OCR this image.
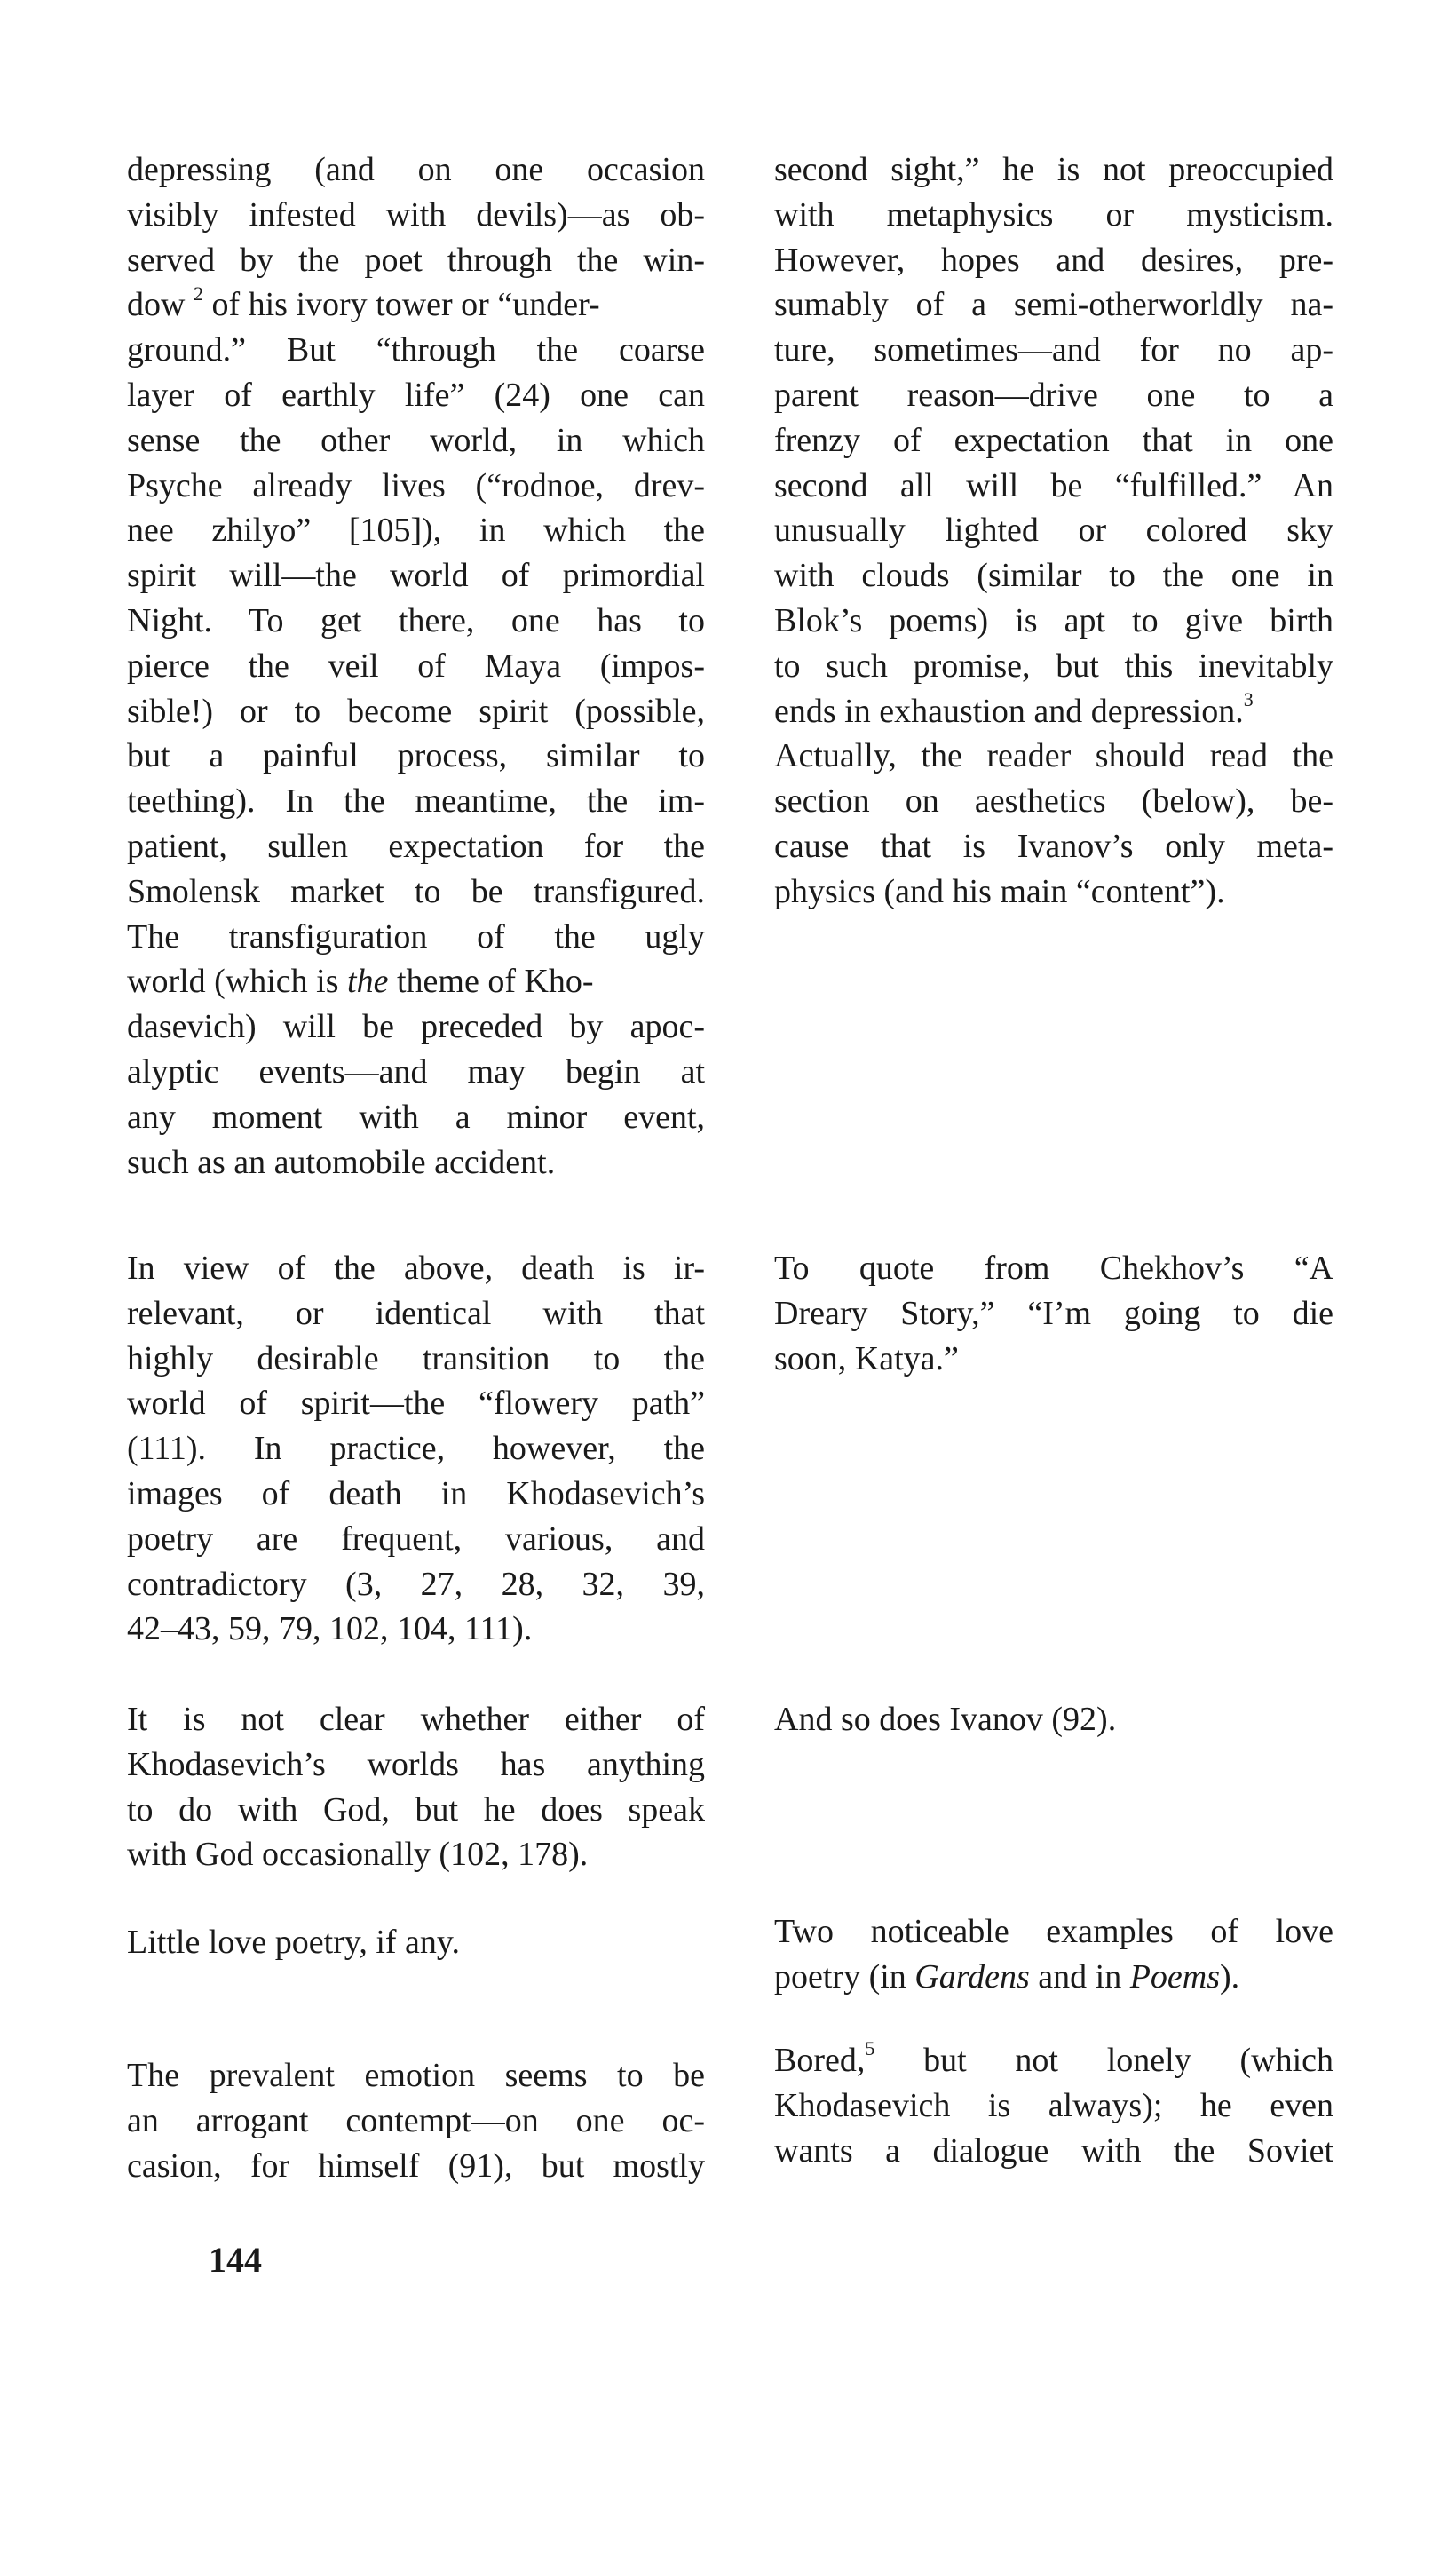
depressing (and on one occasion
visibly infested with devils)—as ob-
served by the poet through the win-
dow $^2$ of his ivory tower or “under-
ground.” But “through the coarse
layer of earthly life” (24) one can
sense the other world, in which
Psyche already lives (“rodnoe, drev-
nee zhilyo” [105]), in which the
spirit will—the world of primordial
Night. To get there, one has to
pierce the veil of Maya (impos-
sible!) or to become spirit (possible,
but a painful process, similar to
teething). In the meantime, the im-
patient, sullen expectation for the
Smolensk market to be transfigured.
The transfiguration of the ugly
world (which is the theme of Kho-
dasevich) will be preceded by apoc-
alyptic events—and may begin at
any moment with a minor event,
such as an automobile accident.
In view of the above, death is ir-
relevant, or identical with that
highly desirable transition to the
world of spirit—the “flowery path”
(111). In practice, however, the
images of death in Khodasevich’s
poetry are frequent, various, and
contradictory (3, 27, 28, 32, 39,
42–43, 59, 79, 102, 104, 111).
It is not clear whether either of
Khodasevich’s worlds has anything
to do with God, but he does speak
with God occasionally (102, 178).
Little love poetry, if any.
The prevalent emotion seems to be
an arrogant contempt—on one oc-
casion, for himself (91), but mostly
second sight,” he is not preoccupied
with metaphysics or mysticism.
However, hopes and desires, pre-
sumably of a semi-otherworldly na-
ture, sometimes—and for no ap-
parent reason—drive one to a
frenzy of expectation that in one
second all will be “fulfilled.” An
unusually lighted or colored sky
with clouds (similar to the one in
Blok’s poems) is apt to give birth
to such promise, but this inevitably
ends in exhaustion and depression.$^3$
Actually, the reader should read the
section on aesthetics (below), be-
cause that is Ivanov’s only meta-
physics (and his main “content”).
To quote from Chekhov’s “A
Dreary Story,” “I’m going to die
soon, Katya.”
And so does Ivanov (92).
Two noticeable examples of love
poetry (in Gardens and in Poems).
Bored,$^5$ but not lonely (which
Khodasevich is always); he even
wants a dialogue with the Soviet
144
